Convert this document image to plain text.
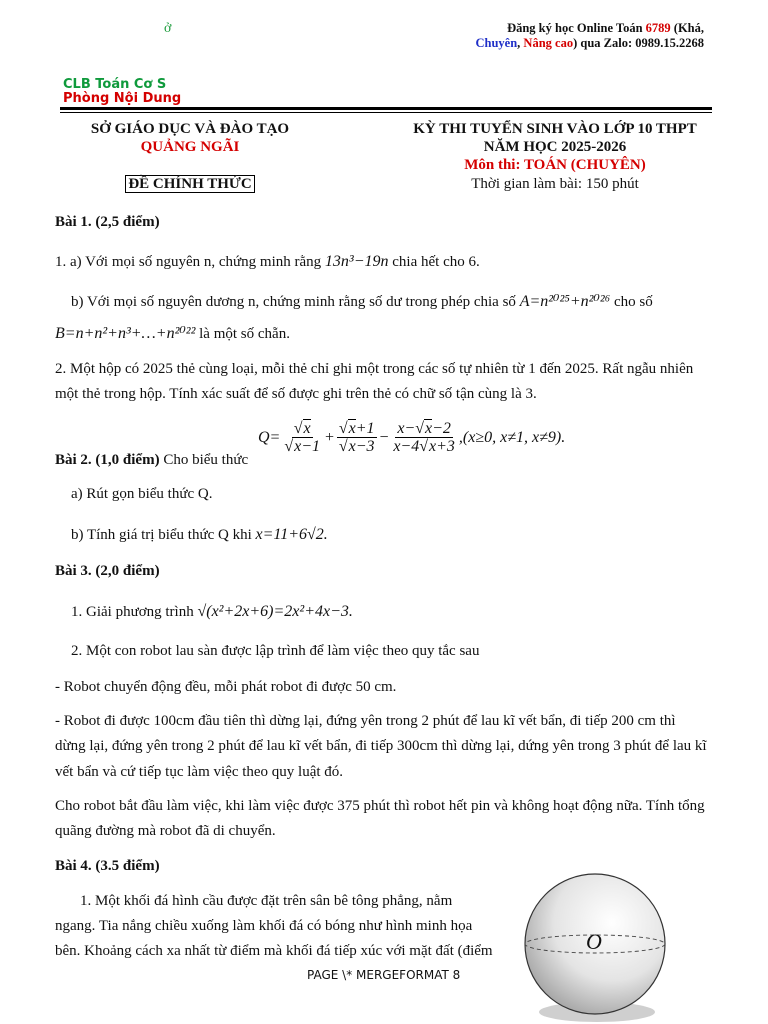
ở	Đăng ký học Online Toán 6789 (Khá,
Chuyên, Nâng cao) qua Zalo: 0989.15.2268
CLB Toán Cơ S
Phòng Nội Dung
SỞ GIÁO DỤC VÀ ĐÀO TẠO
QUẢNG NGÃI
ĐỀ CHÍNH THỨC
KỲ THI TUYỂN SINH VÀO LỚP 10 THPT
NĂM HỌC 2025-2026
Môn thi: TOÁN (CHUYÊN)
Thời gian làm bài: 150 phút
Bài 1. (2,5 điểm)
1. a) Với mọi số nguyên n, chứng minh rằng 13n³−19n chia hết cho 6.
b) Với mọi số nguyên dương n, chứng minh rằng số dư trong phép chia số A=n²⁰²⁵+n²⁰²⁶ cho số
B=n+n²+n³+…+n²⁰²² là một số chẵn.
2. Một hộp có 2025 thẻ cùng loại, mỗi thẻ chỉ ghi một trong các số tự nhiên từ 1 đến 2025. Rất ngẫu nhiên
một thẻ trong hộp. Tính xác suất để số được ghi trên thẻ có chữ số tận cùng là 3.
$Q= \frac{√x}{√x-1} + \frac{√x+1}{√x-3} - \frac{x-√x-2}{x-4√x+3} ,(x\ge 0$, x≠1, x≠9).
Bài 2. (1,0 điểm) Cho biểu thức
a) Rút gọn biểu thức Q.
b) Tính giá trị biểu thức Q khi x=11+6√2.
Bài 3. (2,0 điểm)
1. Giải phương trình √(x²+2x+6)=2x²+4x−3.
2. Một con robot lau sàn được lập trình để làm việc theo quy tắc sau
- Robot chuyển động đều, mỗi phát robot đi được 50 cm.
- Robot đi được 100cm đầu tiên thì dừng lại, đứng yên trong 2 phút để lau kĩ vết bẩn, đi tiếp 200 cm thì
dừng lại, đứng yên trong 2 phút để lau kĩ vết bẩn, đi tiếp 300cm thì dừng lại, dứng yên trong 3 phút để lau kĩ
vết bẩn và cứ tiếp tục làm việc theo quy luật đó.
Cho robot bắt đầu làm việc, khi làm việc được 375 phút thì robot hết pin và không hoạt động nữa. Tính tổng
quãng đường mà robot đã di chuyển.
Bài 4. (3.5 điểm)
1. Một khối đá hình cầu được đặt trên sân bê tông phẳng, nằm
ngang. Tia nắng chiều xuống làm khối đá có bóng như hình minh họa
bên. Khoảng cách xa nhất từ điểm mà khối đá tiếp xúc với mặt đất (điểm	O
PAGE \* MERGEFORMAT 8
